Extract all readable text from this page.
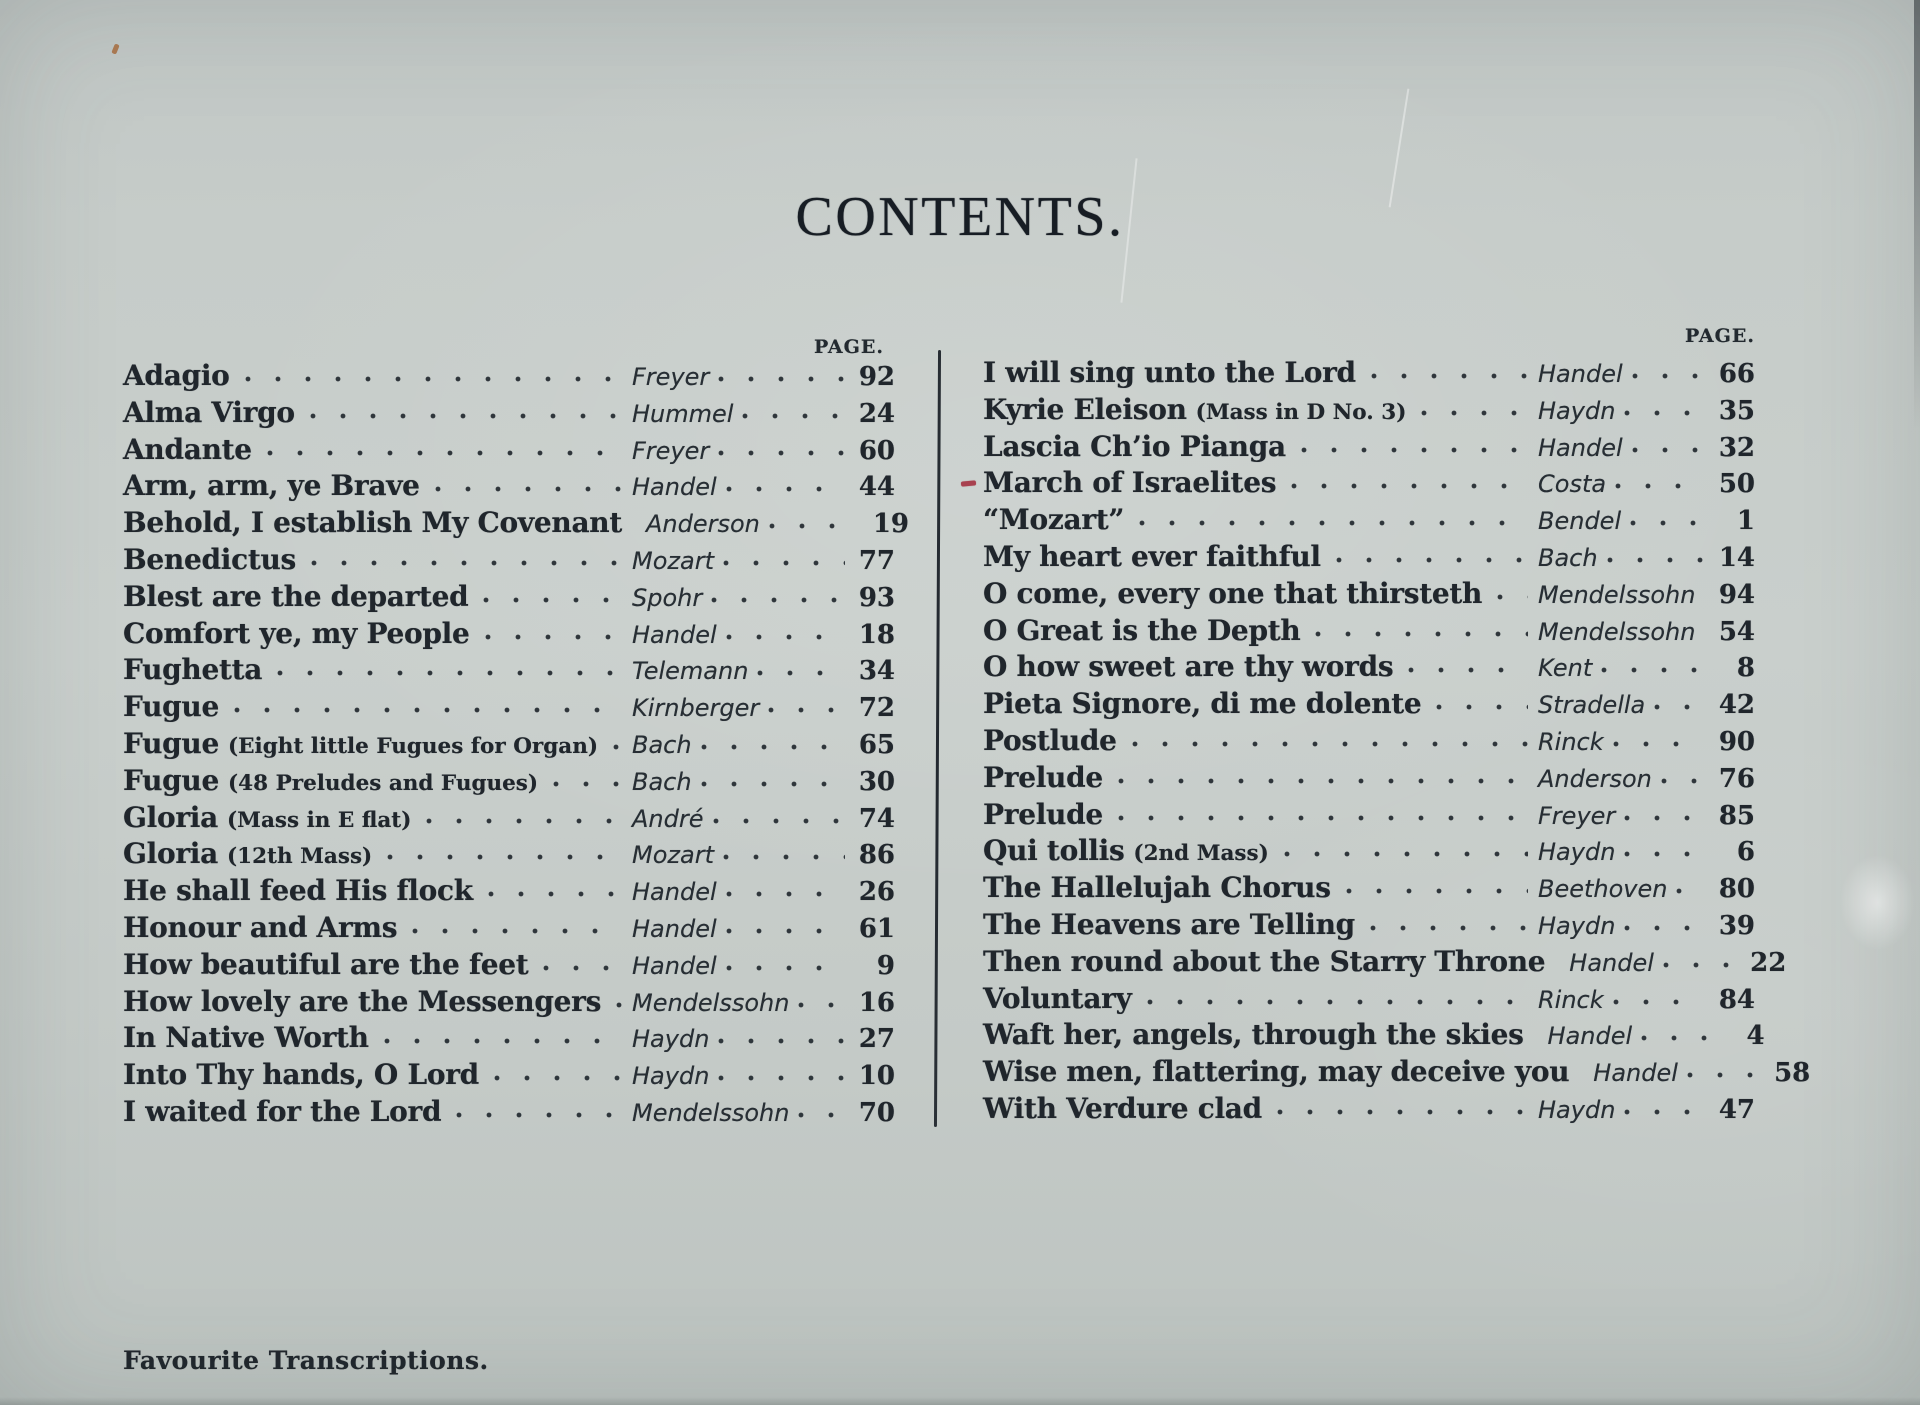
CONTENTS.
PAGE.	PAGE.
Adagio	Freyer	92
Alma Virgo	Hummel	24
Andante	Freyer	60
Arm, arm, ye Brave	Handel	44
Behold, I establish My Covenant Anderson	19
Benedictus	Mozart	77
Blest are the departed	Spohr	93
Comfort ye, my People	Handel	18
Fughetta	Telemann	34
Fugue	Kirnberger	72
Fugue (Eight little Fugues for Organ) Bach	65
Fugue (48 Preludes and Fugues)	Bach	30
Gloria (Mass in E flat)	André	74
Gloria (12th Mass)	Mozart	86
He shall feed His flock	Handel	26
Honour and Arms	Handel	61
How beautiful are the feet	Handel	9
How lovely are the Messengers Mendelssohn	16
In Native Worth	Haydn	27
Into Thy hands, O Lord	Haydn	10
I waited for the Lord	Mendelssohn	70
I will sing unto the Lord	Handel	66
Kyrie Eleison (Mass in D No. 3)	Haydn	35
Lascia Ch’io Pianga	Handel	32
March of Israelites	Costa	50
“Mozart”	Bendel	1
My heart ever faithful	Bach	14
O come, every one that thirsteth Mendelssohn 94
O Great is the Depth	Mendelssohn 54
O how sweet are thy words	Kent	8
Pieta Signore, di me dolente	Stradella	42
Postlude	Rinck	90
Prelude	Anderson	76
Prelude	Freyer	85
Qui tollis (2nd Mass)	Haydn	6
The Hallelujah Chorus	Beethoven	80
The Heavens are Telling	Haydn	39
Then round about the Starry Throne Handel	22
Voluntary	Rinck	84
Waft her, angels, through the skies Handel	4
Wise men, flattering, may deceive you Handel	58
With Verdure clad	Haydn	47
Favourite Transcriptions.
